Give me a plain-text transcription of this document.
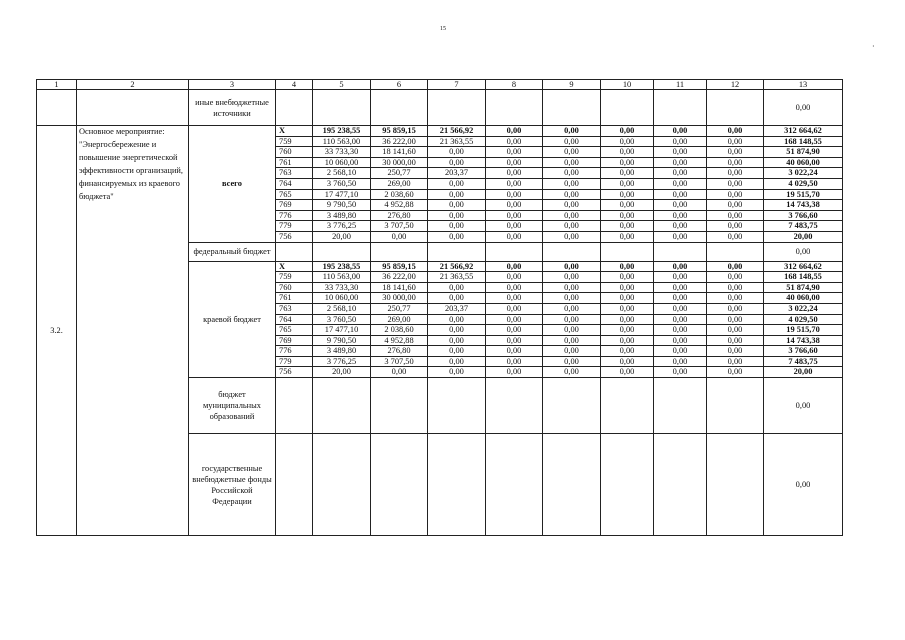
15
·
1	2	3	4	5	6	7	8	9	10	11	12	13
		иные внебюджетные источники										0,00
3.2.	Основное мероприятие: "Энергосбережение и повышение энергетической эффективности организаций, финансируемых из краевого бюджета"	всего	Х	195 238,55	95 859,15	21 566,92	0,00	0,00	0,00	0,00	0,00	312 664,62
			759	110 563,00	36 222,00	21 363,55	0,00	0,00	0,00	0,00	0,00	168 148,55
			760	33 733,30	18 141,60	0,00	0,00	0,00	0,00	0,00	0,00	51 874,90
			761	10 060,00	30 000,00	0,00	0,00	0,00	0,00	0,00	0,00	40 060,00
			763	2 568,10	250,77	203,37	0,00	0,00	0,00	0,00	0,00	3 022,24
			764	3 760,50	269,00	0,00	0,00	0,00	0,00	0,00	0,00	4 029,50
			765	17 477,10	2 038,60	0,00	0,00	0,00	0,00	0,00	0,00	19 515,70
			769	9 790,50	4 952,88	0,00	0,00	0,00	0,00	0,00	0,00	14 743,38
			776	3 489,80	276,80	0,00	0,00	0,00	0,00	0,00	0,00	3 766,60
			779	3 776,25	3 707,50	0,00	0,00	0,00	0,00	0,00	0,00	7 483,75
			756	20,00	0,00	0,00	0,00	0,00	0,00	0,00	0,00	20,00
		федеральный бюджет										0,00
		краевой бюджет	Х	195 238,55	95 859,15	21 566,92	0,00	0,00	0,00	0,00	0,00	312 664,62
			759	110 563,00	36 222,00	21 363,55	0,00	0,00	0,00	0,00	0,00	168 148,55
			760	33 733,30	18 141,60	0,00	0,00	0,00	0,00	0,00	0,00	51 874,90
			761	10 060,00	30 000,00	0,00	0,00	0,00	0,00	0,00	0,00	40 060,00
			763	2 568,10	250,77	203,37	0,00	0,00	0,00	0,00	0,00	3 022,24
			764	3 760,50	269,00	0,00	0,00	0,00	0,00	0,00	0,00	4 029,50
			765	17 477,10	2 038,60	0,00	0,00	0,00	0,00	0,00	0,00	19 515,70
			769	9 790,50	4 952,88	0,00	0,00	0,00	0,00	0,00	0,00	14 743,38
			776	3 489,80	276,80	0,00	0,00	0,00	0,00	0,00	0,00	3 766,60
			779	3 776,25	3 707,50	0,00	0,00	0,00	0,00	0,00	0,00	7 483,75
			756	20,00	0,00	0,00	0,00	0,00	0,00	0,00	0,00	20,00
		бюджет муниципальных образований										0,00
		государственные внебюджетные фонды Российской Федерации										0,00
